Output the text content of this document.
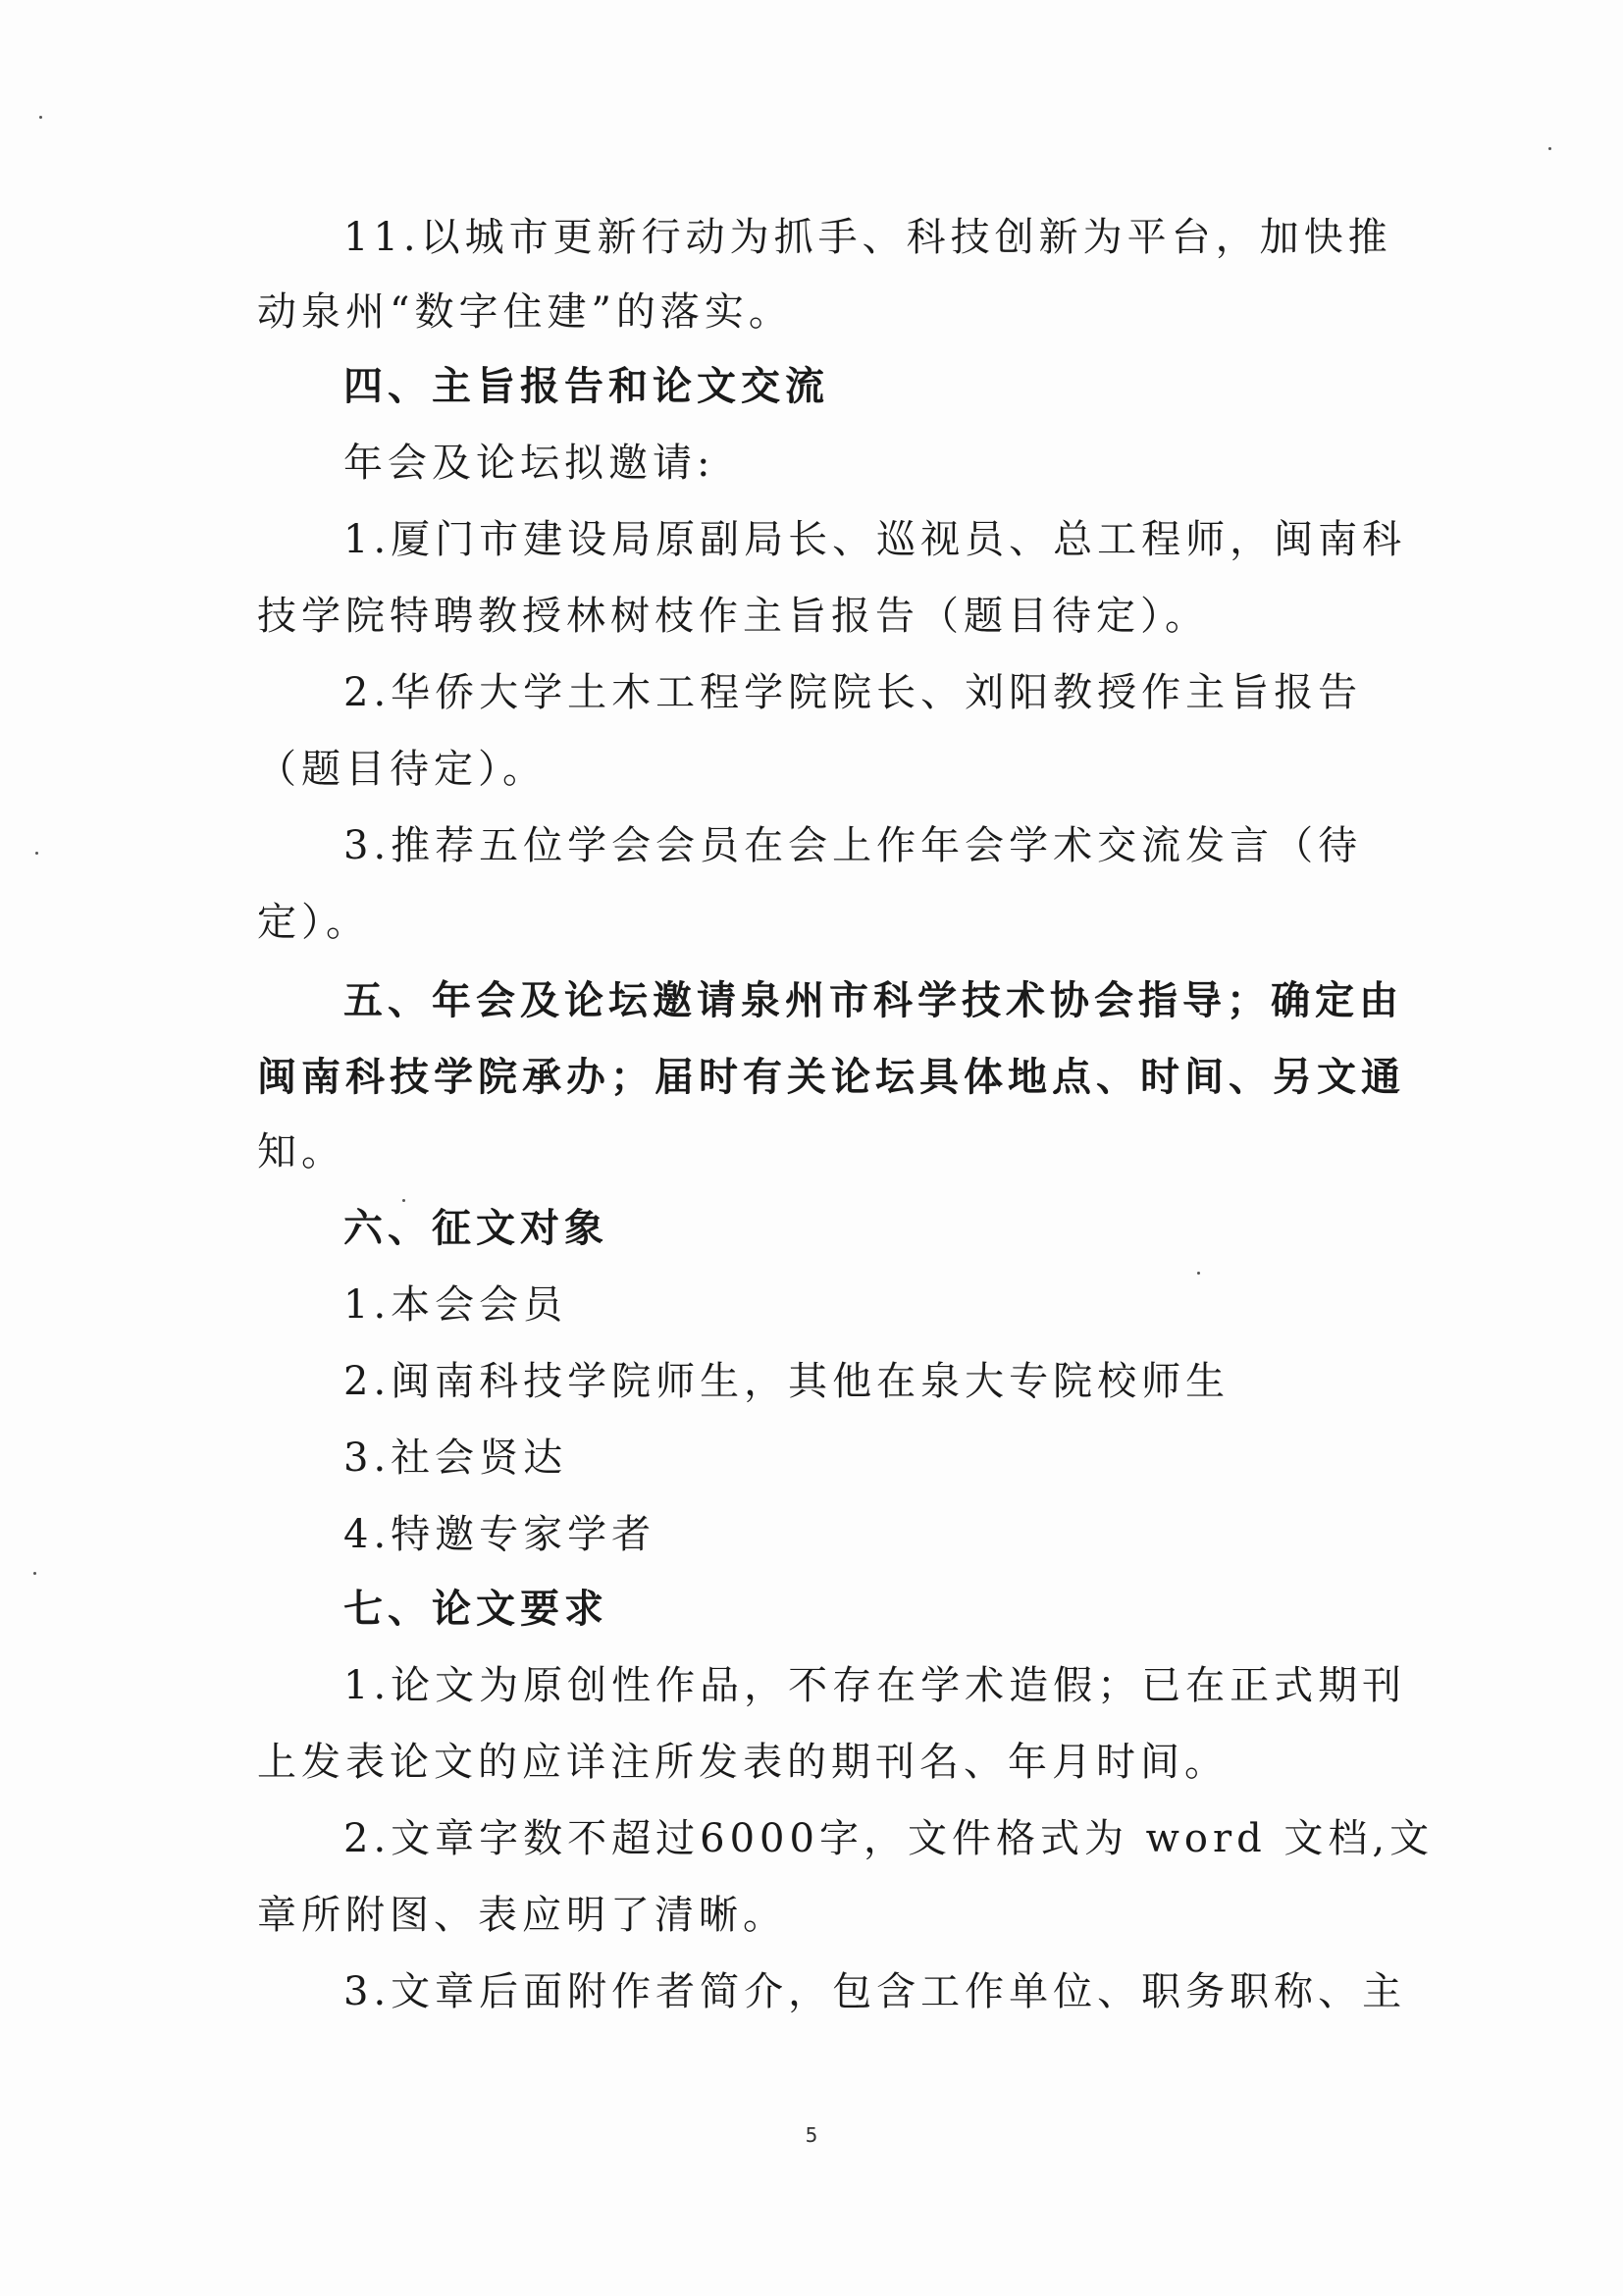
11.以城市更新行动为抓手、科技创新为平台，加快推
动泉州“数字住建”的落实。
四、主旨报告和论文交流
年会及论坛拟邀请:
1.厦门市建设局原副局长、巡视员、总工程师，闽南科
技学院特聘教授林树枝作主旨报告（题目待定）。
2.华侨大学土木工程学院院长、刘阳教授作主旨报告
（题目待定）。
3.推荐五位学会会员在会上作年会学术交流发言（待
定）。
五、年会及论坛邀请泉州市科学技术协会指导；确定由
闽南科技学院承办；届时有关论坛具体地点、时间、另文通
知。
六、征文对象
1.本会会员
2.闽南科技学院师生，其他在泉大专院校师生
3.社会贤达
4.特邀专家学者
七、论文要求
1.论文为原创性作品，不存在学术造假；已在正式期刊
上发表论文的应详注所发表的期刊名、年月时间。
2.文章字数不超过6000字，文件格式为 word 文档,文
章所附图、表应明了清晰。
3.文章后面附作者简介，包含工作单位、职务职称、主
5
